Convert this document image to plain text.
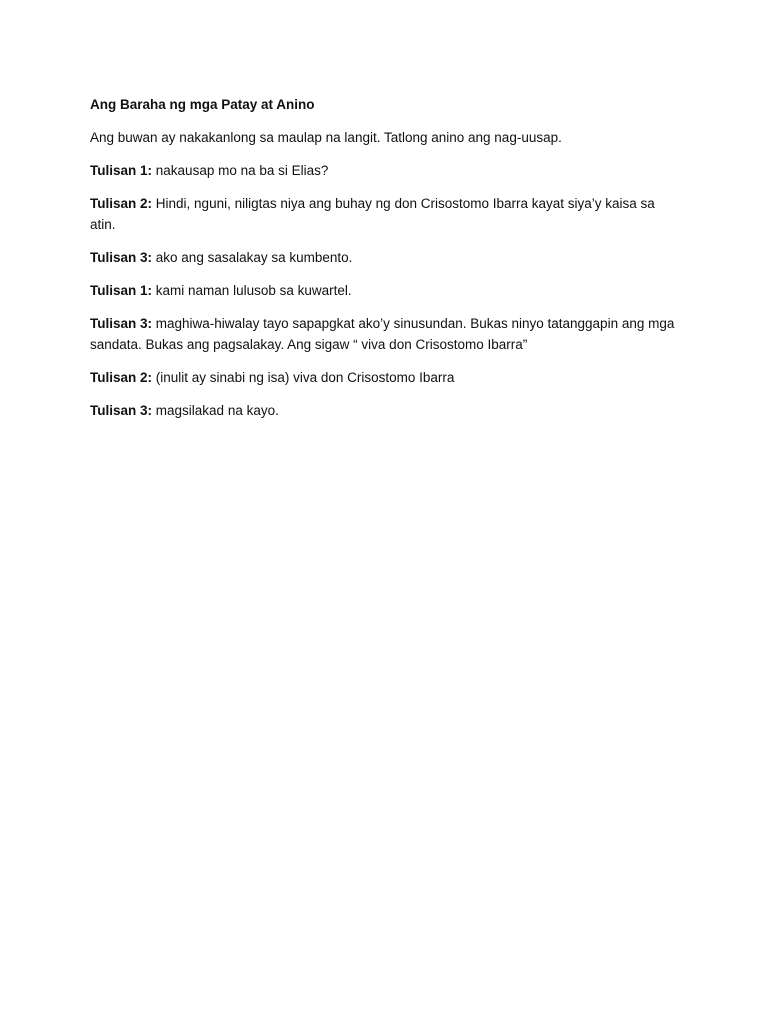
Ang Baraha ng mga Patay at Anino

Ang buwan ay nakakanlong sa maulap na langit. Tatlong anino ang nag-uusap.

Tulisan 1: nakausap mo na ba si Elias?

Tulisan 2: Hindi, nguni, niligtas niya ang buhay ng don Crisostomo Ibarra kayat siya’y kaisa sa atin.

Tulisan 3: ako ang sasalakay sa kumbento.

Tulisan 1: kami naman lulusob sa kuwartel.

Tulisan 3: maghiwa-hiwalay tayo sapapgkat ako’y sinusundan. Bukas ninyo tatanggapin ang mga sandata. Bukas ang pagsalakay. Ang sigaw “ viva don Crisostomo Ibarra”

Tulisan 2: (inulit ay sinabi ng isa) viva don Crisostomo Ibarra

Tulisan 3: magsilakad na kayo.
